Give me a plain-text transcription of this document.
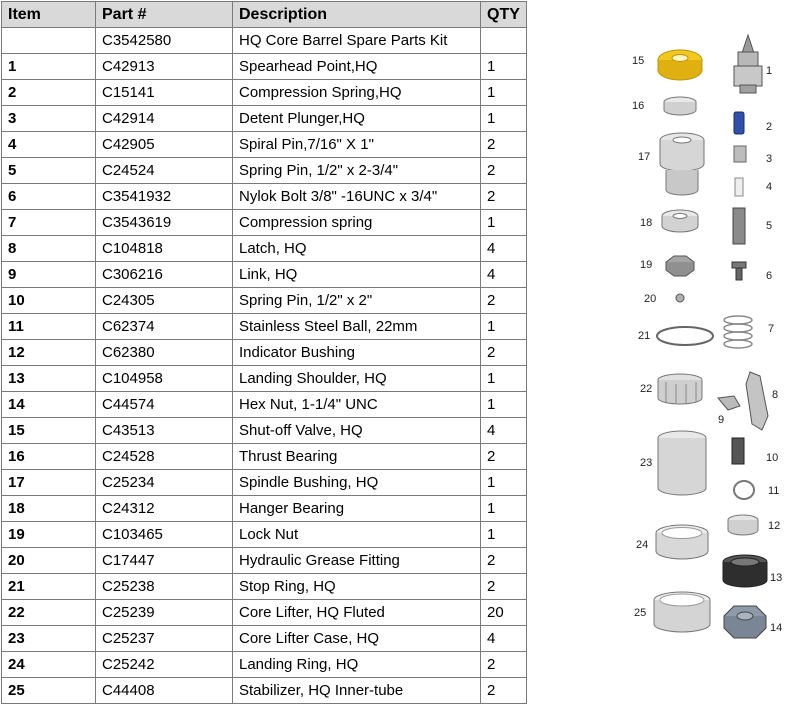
Item	Part #	Description	QTY
	C3542580	HQ Core Barrel Spare Parts Kit	
1	C42913	Spearhead Point,HQ	1
2	C15141	Compression Spring,HQ	1
3	C42914	Detent Plunger,HQ	1
4	C42905	Spiral Pin,7/16" X 1"	2
5	C24524	Spring Pin, 1/2" x 2-3/4"	2
6	C3541932	Nylok Bolt 3/8" -16UNC x 3/4"	2
7	C3543619	Compression spring	1
8	C104818	Latch, HQ	4
9	C306216	Link, HQ	4
10	C24305	Spring Pin, 1/2" x 2"	2
11	C62374	Stainless Steel Ball, 22mm	1
12	C62380	Indicator Bushing	2
13	C104958	Landing Shoulder, HQ	1
14	C44574	Hex Nut, 1-1/4" UNC	1
15	C43513	Shut-off Valve, HQ	4
16	C24528	Thrust Bearing	2
17	C25234	Spindle Bushing, HQ	1
18	C24312	Hanger Bearing	1
19	C103465	Lock Nut	1
20	C17447	Hydraulic Grease Fitting	2
21	C25238	Stop Ring, HQ	2
22	C25239	Core Lifter, HQ Fluted	20
23	C25237	Core Lifter Case, HQ	4
24	C25242	Landing Ring, HQ	2
25	C44408	Stabilizer, HQ Inner-tube	2
15
1
16
2
17	3
4
18	5
19
6
20
21
7
22	8
9
10
23
11
24
12
13
25
14
